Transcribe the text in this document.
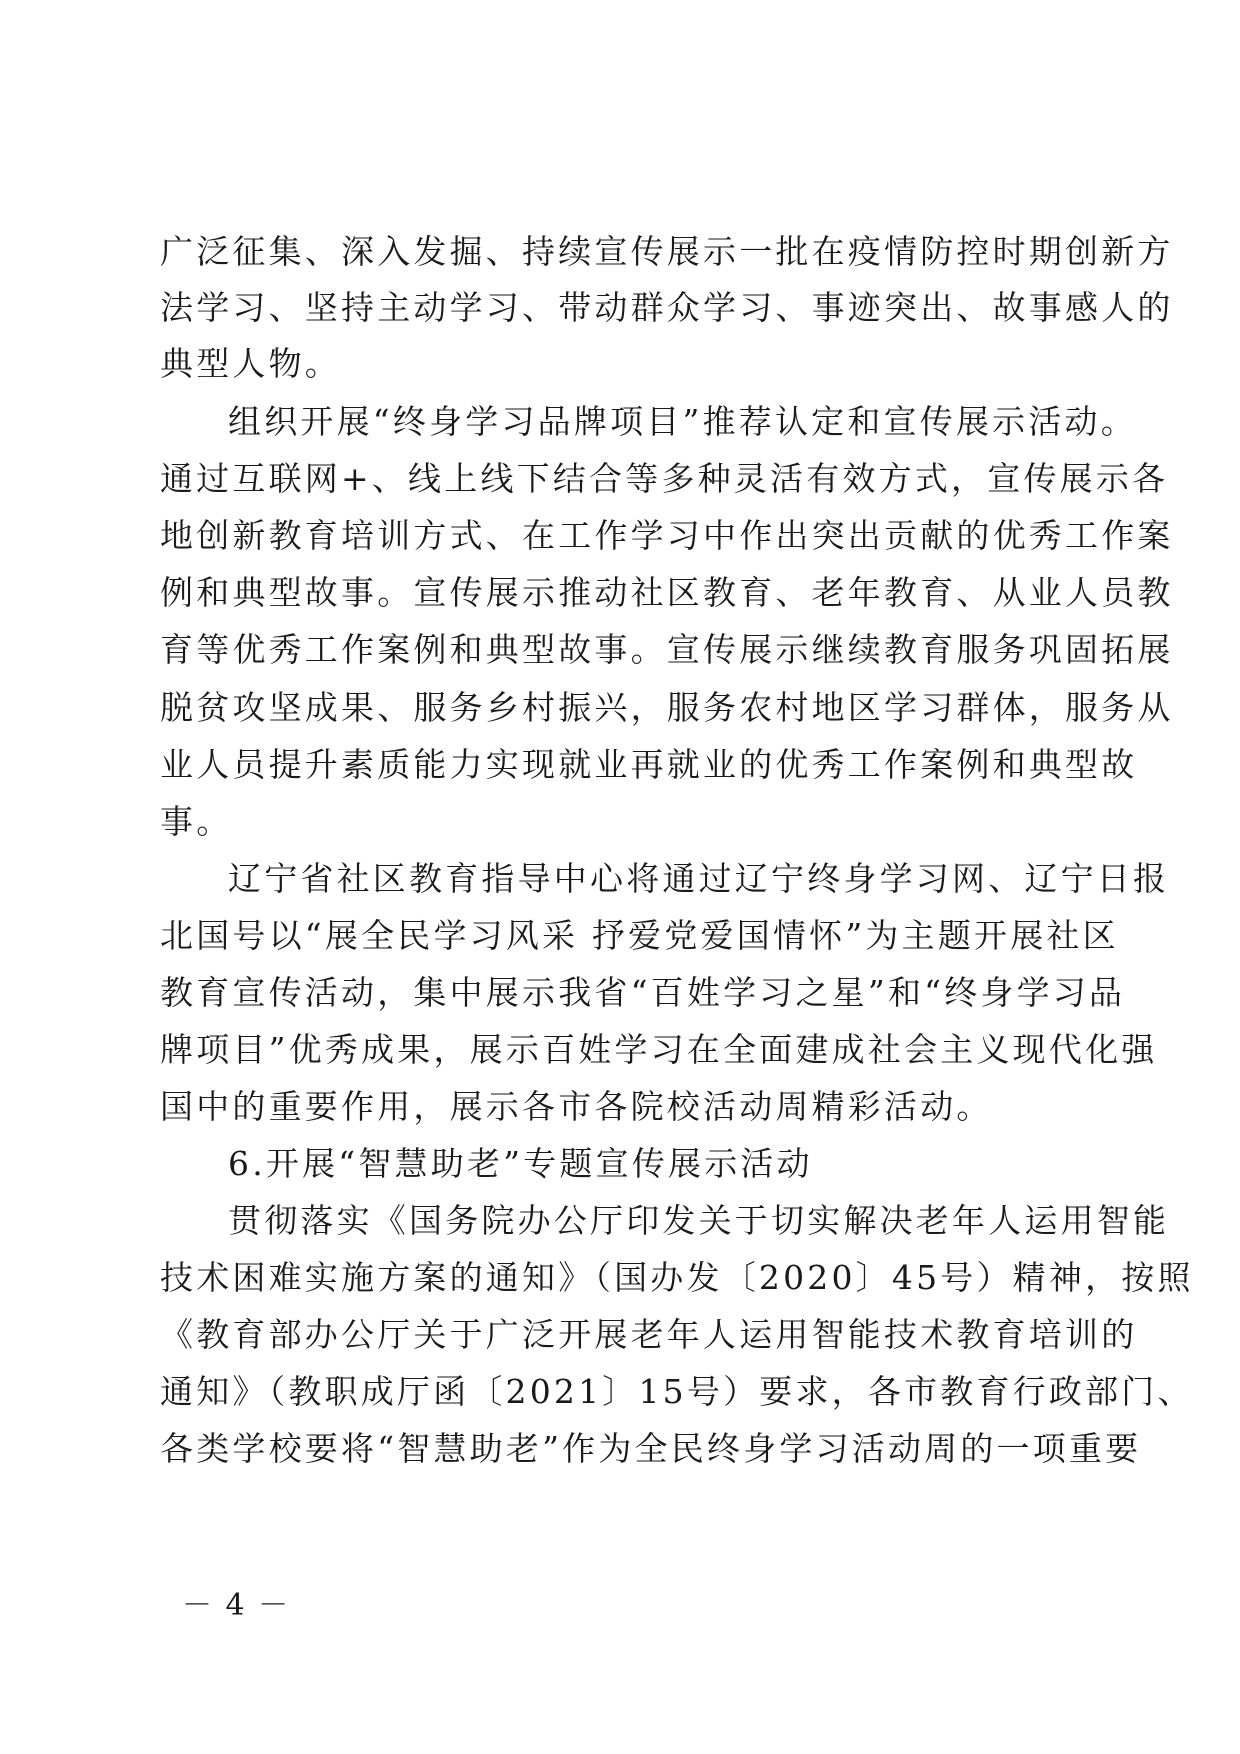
广泛征集、深入发掘、持续宣传展示一批在疫情防控时期创新方
法学习、坚持主动学习、带动群众学习、事迹突出、故事感人的
典型人物。
组织开展“终身学习品牌项目”推荐认定和宣传展示活动。
通过互联网+、线上线下结合等多种灵活有效方式，宣传展示各
地创新教育培训方式、在工作学习中作出突出贡献的优秀工作案
例和典型故事。宣传展示推动社区教育、老年教育、从业人员教
育等优秀工作案例和典型故事。宣传展示继续教育服务巩固拓展
脱贫攻坚成果、服务乡村振兴，服务农村地区学习群体，服务从
业人员提升素质能力实现就业再就业的优秀工作案例和典型故
事。
辽宁省社区教育指导中心将通过辽宁终身学习网、辽宁日报
北国号以“展全民学习风采 抒爱党爱国情怀”为主题开展社区
教育宣传活动，集中展示我省“百姓学习之星”和“终身学习品
牌项目”优秀成果，展示百姓学习在全面建成社会主义现代化强
国中的重要作用，展示各市各院校活动周精彩活动。
6.开展“智慧助老”专题宣传展示活动
贯彻落实《国务院办公厅印发关于切实解决老年人运用智能
技术困难实施方案的通知》（国办发〔2020〕45号）精神，按照
《教育部办公厅关于广泛开展老年人运用智能技术教育培训的
通知》（教职成厅函〔2021〕15号）要求，各市教育行政部门、
各类学校要将“智慧助老”作为全民终身学习活动周的一项重要
－ 4 －
